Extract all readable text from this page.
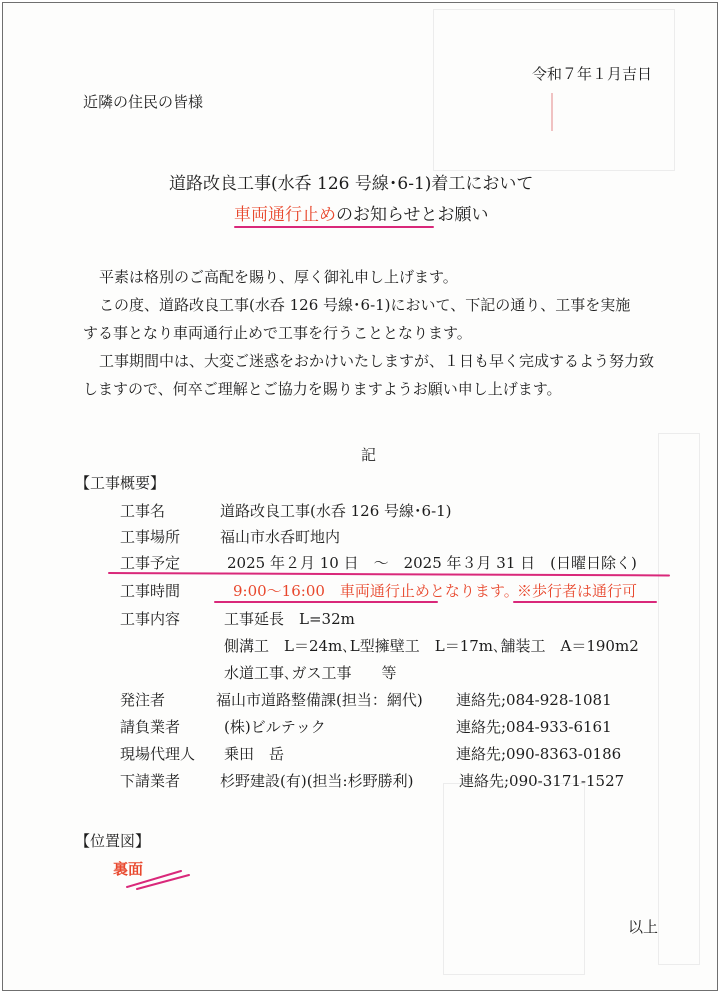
令和７年１月吉日
近隣の住民の皆様
道路改良工事(水呑 126 号線･6-1)着工において
車両通行止めのお知らせとお願い
平素は格別のご高配を賜り、厚く御礼申し上げます。
この度、道路改良工事(水呑 126 号線･6-1)において、下記の通り、工事を実施
する事となり車両通行止めで工事を行うこととなります。
工事期間中は、大変ご迷惑をおかけいたしますが、１日も早く完成するよう努力致
しますので、何卒ご理解とご協力を賜りますようお願い申し上げます。
記
【工事概要】
工事名	道路改良工事(水呑 126 号線･6-1)
工事場所	福山市水呑町地内
工事予定	2025 年２月 10 日　～　2025 年３月 31 日　(日曜日除く)
工事時間	9:00～16:00　車両通行止めとなります。
※歩行者は通行可
工事内容	工事延長　L=32m
側溝工　L＝24m､L型擁壁工　L＝17m､舗装工　A＝190m2
水道工事､ガス工事　　等
発注者	福山市道路整備課(担当：網代) 連絡先;084-928-1081
請負業者	(株)ビルテック	連絡先;084-933-6161
現場代理人 乗田　岳	連絡先;090-8363-0186
下請業者	杉野建設(有)(担当:杉野勝利)	連絡先;090-3171-1527
【位置図】
裏面
以上
